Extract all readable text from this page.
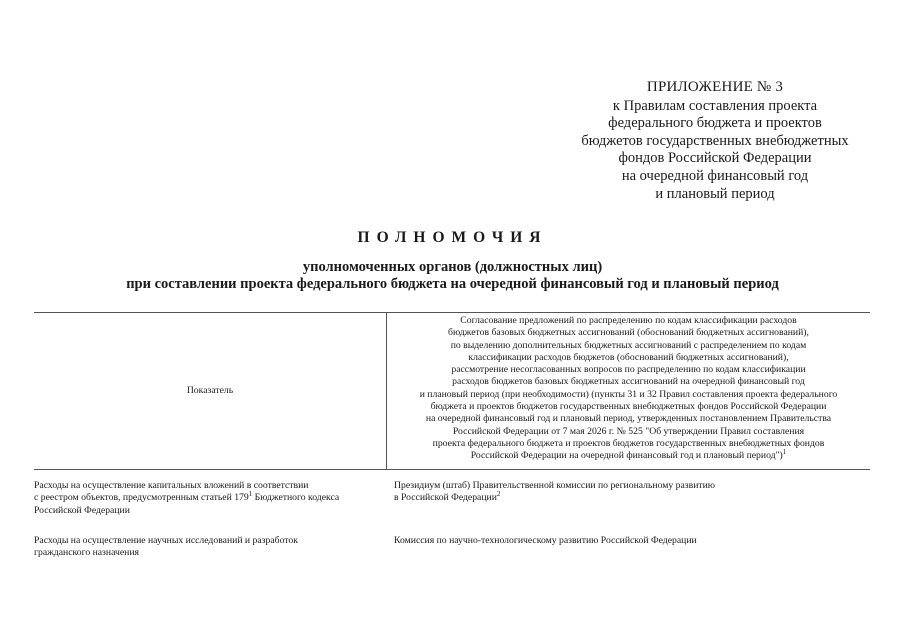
ПРИЛОЖЕНИЕ № 3
к Правилам составления проекта
федерального бюджета и проектов
бюджетов государственных внебюджетных
фондов Российской Федерации
на очередной финансовый год
и плановый период
ПОЛНОМОЧИЯ
уполномоченных органов (должностных лиц)
при составлении проекта федерального бюджета на очередной финансовый год и плановый период
Показатель
Согласование предложений по распределению по кодам классификации расходов
бюджетов базовых бюджетных ассигнований (обоснований бюджетных ассигнований),
по выделению дополнительных бюджетных ассигнований с распределением по кодам
классификации расходов бюджетов (обоснований бюджетных ассигнований),
рассмотрение несогласованных вопросов по распределению по кодам классификации
расходов бюджетов базовых бюджетных ассигнований на очередной финансовый год
и плановый период (при необходимости) (пункты 31 и 32 Правил составления проекта федерального
бюджета и проектов бюджетов государственных внебюджетных фондов Российской Федерации
на очередной финансовый год и плановый период, утвержденных постановлением Правительства
Российской Федерации от 7 мая 2026 г. № 525 "Об утверждении Правил составления
проекта федерального бюджета и проектов бюджетов государственных внебюджетных фондов
Российской Федерации на очередной финансовый год и плановый период")$^1$
Расходы на осуществление капитальных вложений в соответствии
с реестром объектов, предусмотренным статьей $179^1$ Бюджетного кодекса
Российской Федерации
Президиум (штаб) Правительственной комиссии по региональному развитию
в Российской Федерации$^2$
Расходы на осуществление научных исследований и разработок
гражданского назначения
Комиссия по научно-технологическому развитию Российской Федерации
